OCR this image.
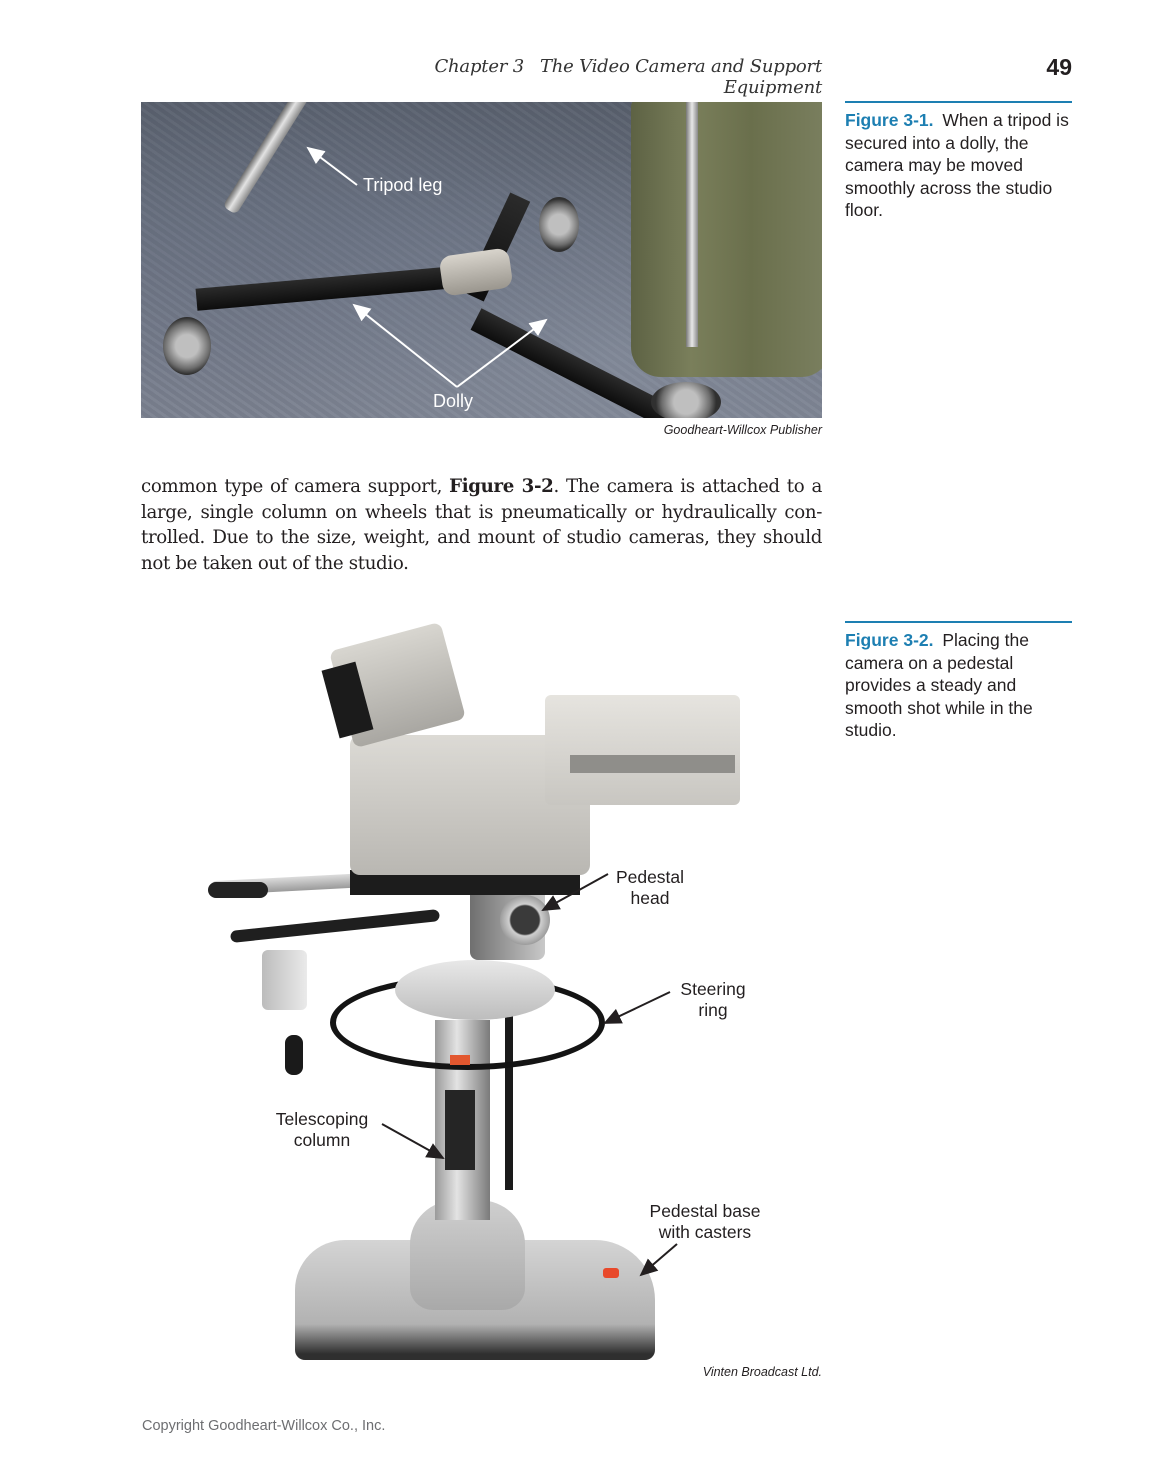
Chapter 3 The Video Camera and Support Equipment
49
Tripod leg
Dolly
Goodheart-Willcox Publisher
Figure 3-1. When a tripod is secured into a dolly, the camera may be moved smoothly across the studio floor.

common type of camera support, Figure 3-2. The camera is attached to a large, single column on wheels that is pneumatically or hydraulically con-trolled. Due to the size, weight, and mount of studio cameras, they should not be taken out of the studio.

Pedestal
head
Steering
ring
Telescoping
column
Pedestal base
with casters
Vinten Broadcast Ltd.
Figure 3-2. Placing the camera on a pedestal provides a steady and smooth shot while in the studio.
Copyright Goodheart-Willcox Co., Inc.
